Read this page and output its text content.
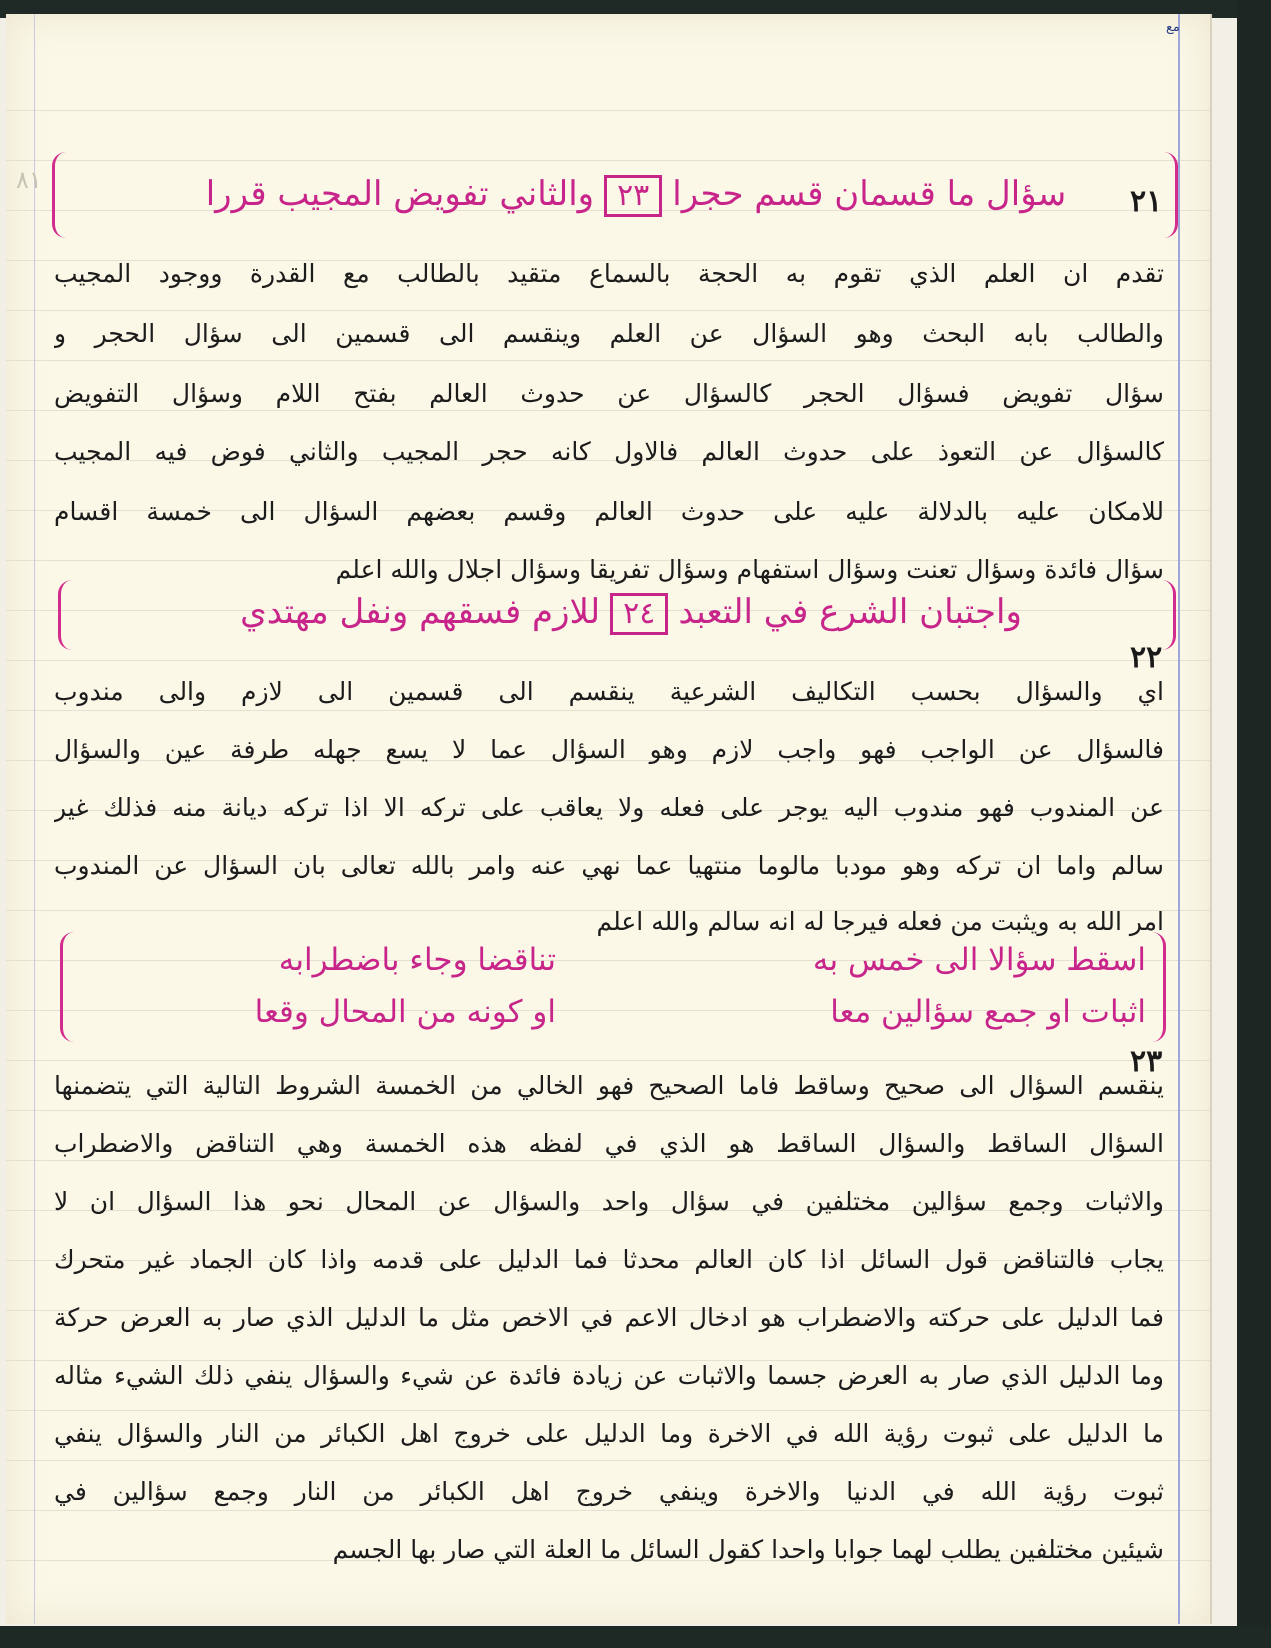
مع
٨١
٢١
سؤال ما قسمان قسم حجرا٢٣والثاني تفويض المجيب قررا
تقدم ان العلم الذي تقوم به الحجة بالسماع متقيد بالطالب مع القدرة ووجود المجيب
والطالب بابه البحث وهو السؤال عن العلم وينقسم الى قسمين الى سؤال الحجر و
سؤال تفويض فسؤال الحجر كالسؤال عن حدوث العالم بفتح اللام وسؤال التفويض
كالسؤال عن التعوذ على حدوث العالم فالاول كانه حجر المجيب والثاني فوض فيه المجيب
للامكان عليه بالدلالة عليه على حدوث العالم وقسم بعضهم السؤال الى خمسة اقسام
سؤال فائدة وسؤال تعنت وسؤال استفهام وسؤال تفريقا وسؤال اجلال والله اعلم
٢٢
واجتبان الشرع في التعبد٢٤للازم فسقهم ونفل مهتدي
اي والسؤال بحسب التكاليف الشرعية ينقسم الى قسمين الى لازم والى مندوب
فالسؤال عن الواجب فهو واجب لازم وهو السؤال عما لا يسع جهله طرفة عين والسؤال
عن المندوب فهو مندوب اليه يوجر على فعله ولا يعاقب على تركه الا اذا تركه ديانة منه فذلك غير
سالم واما ان تركه وهو مودبا مالوما منتهيا عما نهي عنه وامر بالله تعالى بان السؤال عن المندوب
امر الله به ويثبت من فعله فيرجا له انه سالم والله اعلم
٢٣
اسقط سؤالا الى خمس به
تناقضا وجاء باضطرابه
اثبات او جمع سؤالين معا
او كونه من المحال وقعا
ينقسم السؤال الى صحيح وساقط فاما الصحيح فهو الخالي من الخمسة الشروط التالية التي يتضمنها
السؤال الساقط والسؤال الساقط هو الذي في لفظه هذه الخمسة وهي التناقض والاضطراب
والاثبات وجمع سؤالين مختلفين في سؤال واحد والسؤال عن المحال نحو هذا السؤال ان لا
يجاب فالتناقض قول السائل اذا كان العالم محدثا فما الدليل على قدمه واذا كان الجماد غير متحرك
فما الدليل على حركته والاضطراب هو ادخال الاعم في الاخص مثل ما الدليل الذي صار به العرض حركة
وما الدليل الذي صار به العرض جسما والاثبات عن زيادة فائدة عن شيء والسؤال ينفي ذلك الشيء مثاله
ما الدليل على ثبوت رؤية الله في الاخرة وما الدليل على خروج اهل الكبائر من النار والسؤال ينفي
ثبوت رؤية الله في الدنيا والاخرة وينفي خروج اهل الكبائر من النار وجمع سؤالين في
شيئين مختلفين يطلب لهما جوابا واحدا كقول السائل ما العلة التي صار بها الجسم
